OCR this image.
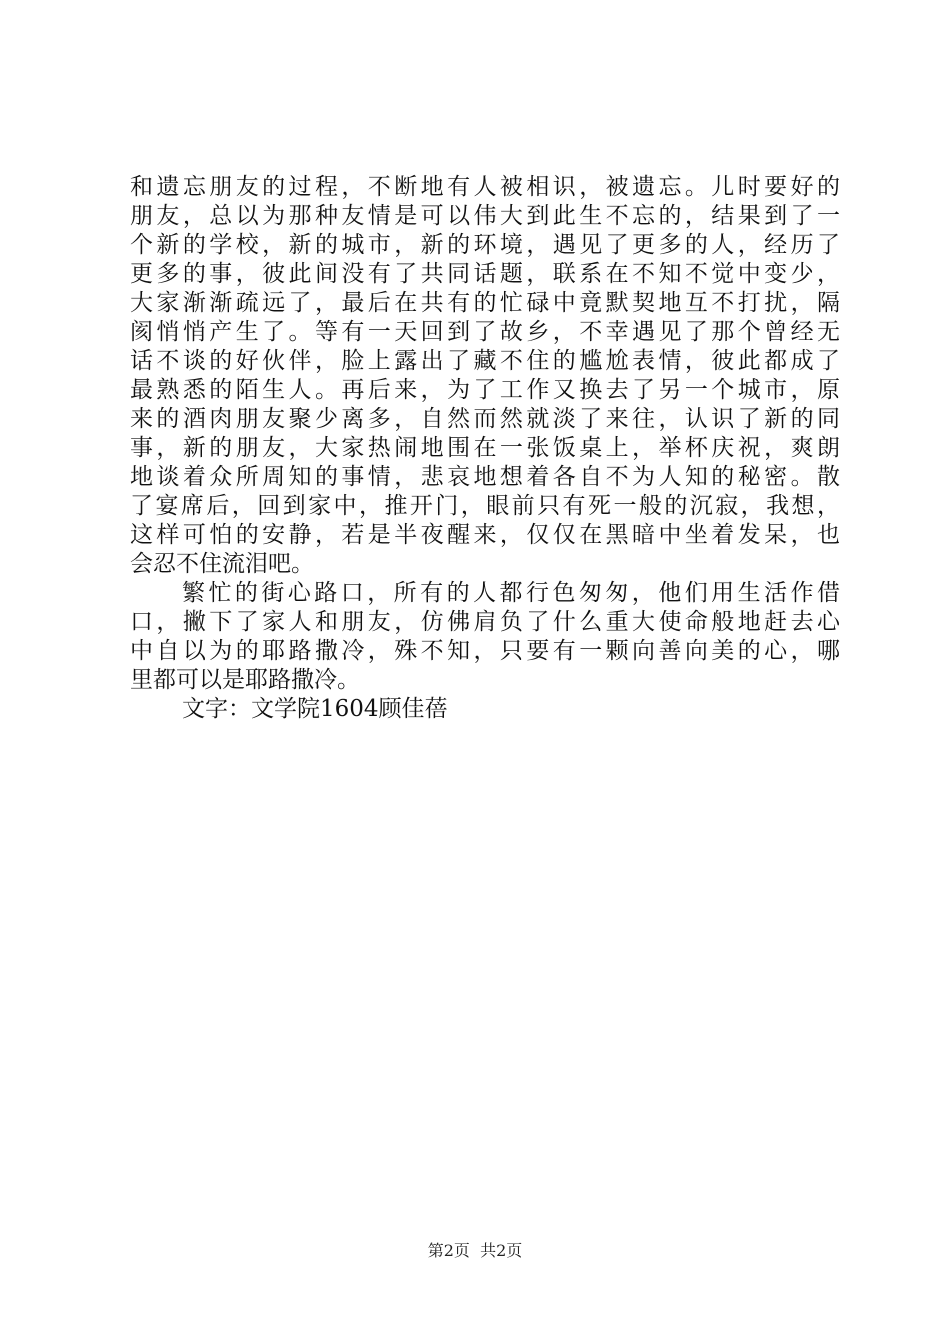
和遗忘朋友的过程，不断地有人被相识，被遗忘。儿时要好的
朋友，总以为那种友情是可以伟大到此生不忘的，结果到了一
个新的学校，新的城市，新的环境，遇见了更多的人，经历了
更多的事，彼此间没有了共同话题，联系在不知不觉中变少，
大家渐渐疏远了，最后在共有的忙碌中竟默契地互不打扰，隔
阂悄悄产生了。等有一天回到了故乡，不幸遇见了那个曾经无
话不谈的好伙伴，脸上露出了藏不住的尴尬表情，彼此都成了
最熟悉的陌生人。再后来，为了工作又换去了另一个城市，原
来的酒肉朋友聚少离多，自然而然就淡了来往，认识了新的同
事，新的朋友，大家热闹地围在一张饭桌上，举杯庆祝，爽朗
地谈着众所周知的事情，悲哀地想着各自不为人知的秘密。散
了宴席后，回到家中，推开门，眼前只有死一般的沉寂，我想，
这样可怕的安静，若是半夜醒来，仅仅在黑暗中坐着发呆，也
会忍不住流泪吧。
繁忙的街心路口，所有的人都行色匆匆，他们用生活作借
口，撇下了家人和朋友，仿佛肩负了什么重大使命般地赶去心
中自以为的耶路撒冷，殊不知，只要有一颗向善向美的心，哪
里都可以是耶路撒冷。
文字：文学院1604顾佳蓓
第2页  共2页
